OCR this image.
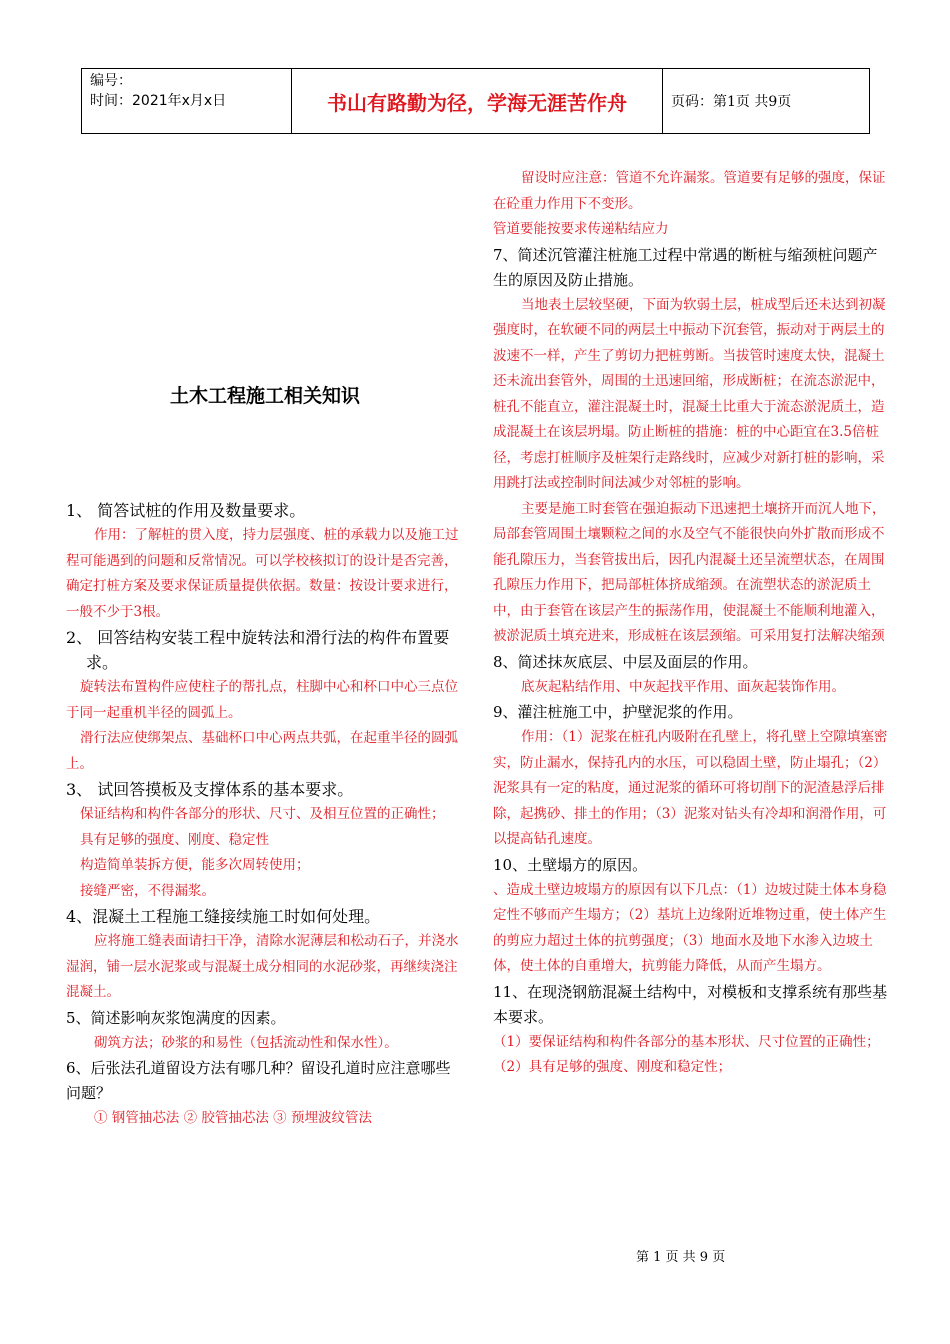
编号：
时间：2021年x月x日	书山有路勤为径，学海无涯苦作舟	页码：第1页 共9页
土木工程施工相关知识

1、 简答试桩的作用及数量要求。

作用：了解桩的贯入度，持力层强度、桩的承载力以及施工过程可能遇到的问题和反常情况。可以学校核拟订的设计是否完善，确定打桩方案及要求保证质量提供依据。数量：按设计要求进行，一般不少于3根。

2、 回答结构安装工程中旋转法和滑行法的构件布置要求。

旋转法布置构件应使柱子的帮扎点，柱脚中心和杯口中心三点位于同一起重机半径的圆弧上。

滑行法应使绑架点、基础杯口中心两点共弧，在起重半径的圆弧上。

3、 试回答摸板及支撑体系的基本要求。

保证结构和构件各部分的形状、尺寸、及相互位置的正确性；

具有足够的强度、刚度、稳定性

构造简单装拆方便，能多次周转使用；

接缝严密，不得漏浆。

4、混凝土工程施工缝接续施工时如何处理。

应将施工缝表面请扫干净，清除水泥薄层和松动石子，并浇水湿润，铺一层水泥浆或与混凝土成分相同的水泥砂浆，再继续浇注混凝土。

5、简述影响灰浆饱满度的因素。

砌筑方法；砂浆的和易性（包括流动性和保水性）。

6、后张法孔道留设方法有哪几种？留设孔道时应注意哪些问题？

① 钢管抽芯法 ② 胶管抽芯法 ③ 预埋波纹管法

留设时应注意：管道不允许漏浆。管道要有足够的强度，保证在砼重力作用下不变形。

管道要能按要求传递粘结应力

7、简述沉管灌注桩施工过程中常遇的断桩与缩颈桩问题产生的原因及防止措施。

当地表土层较坚硬，下面为软弱土层，桩成型后还未达到初凝强度时，在软硬不同的两层土中振动下沉套管，振动对于两层土的波速不一样，产生了剪切力把桩剪断。当拔管时速度太快，混凝土还未流出套管外，周围的土迅速回缩，形成断桩；在流态淤泥中，桩孔不能直立，灌注混凝土时，混凝土比重大于流态淤泥质土，造成混凝土在该层坍塌。防止断桩的措施：桩的中心距宜在3.5倍桩径，考虑打桩顺序及桩架行走路线时，应减少对新打桩的影响，采用跳打法或控制时间法减少对邻桩的影响。

主要是施工时套管在强迫振动下迅速把土壤挤开而沉人地下，局部套管周围土壤颗粒之间的水及空气不能很快向外扩散而形成不能孔隙压力，当套管拔出后，因孔内混凝土还呈流塑状态，在周围孔隙压力作用下，把局部桩体挤成缩颈。在流塑状态的淤泥质土中，由于套管在该层产生的振荡作用，使混凝土不能顺利地灌入，被淤泥质土填充进来，形成桩在该层颈缩。可采用复打法解决缩颈

8、简述抹灰底层、中层及面层的作用。

底灰起粘结作用、中灰起找平作用、面灰起装饰作用。

9、灌注桩施工中，护壁泥浆的作用。

作用：（1）泥浆在桩孔内吸附在孔壁上，将孔壁上空隙填塞密实，防止漏水，保持孔内的水压，可以稳固土壁，防止塌孔；（2）泥浆具有一定的粘度，通过泥浆的循环可将切削下的泥渣悬浮后排除，起携砂、排土的作用；（3）泥浆对钻头有冷却和润滑作用，可以提高钻孔速度。

10、土壁塌方的原因。

、造成土壁边坡塌方的原因有以下几点：（1）边坡过陡土体本身稳定性不够而产生塌方；（2）基坑上边缘附近堆物过重，使土体产生的剪应力超过土体的抗剪强度；（3）地面水及地下水渗入边坡土体，使土体的自重增大，抗剪能力降低，从而产生塌方。

11、在现浇钢筋混凝土结构中，对模板和支撑系统有那些基本要求。

（1）要保证结构和构件各部分的基本形状、尺寸位置的正确性；（2）具有足够的强度、刚度和稳定性；

第 1 页 共 9 页
